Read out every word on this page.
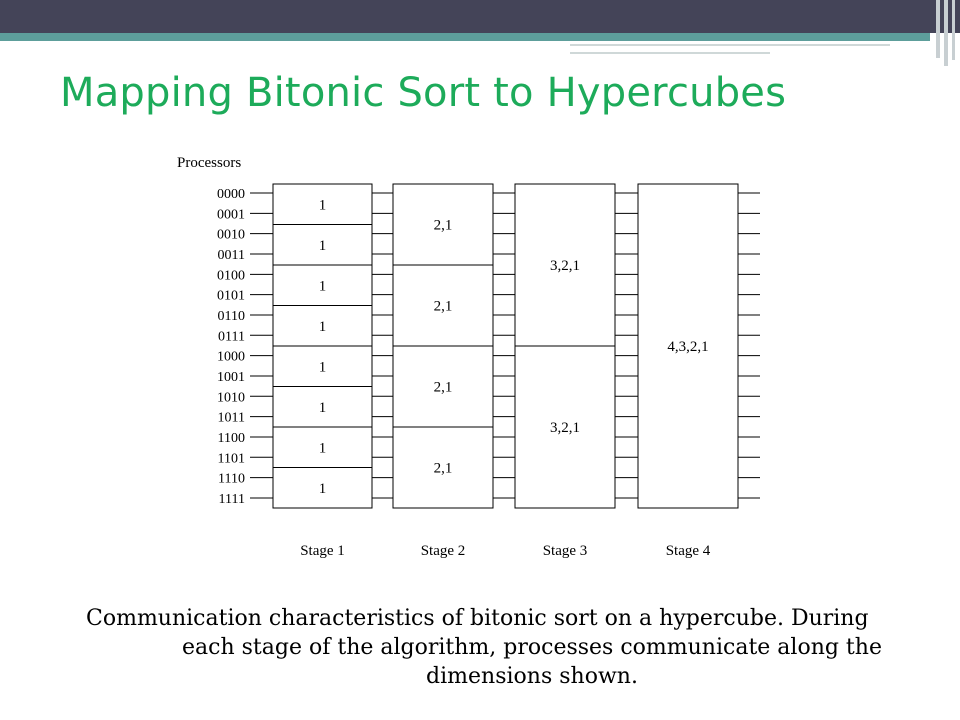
Mapping Bitonic Sort to Hypercubes
1
1
1
1
1
1
1
1
Stage 1
2,1
2,1
2,1
2,1
Stage 2
3,2,1
3,2,1
Stage 3
4,3,2,1
Stage 4
0000
0001
0010
0011
0100
0101
0110
0111
1000
1001
1010
1011
1100
1101
1110
1111
Processors
Communication characteristics of bitonic sort on a hypercube. During
each stage of the algorithm, processes communicate along the
dimensions shown.
